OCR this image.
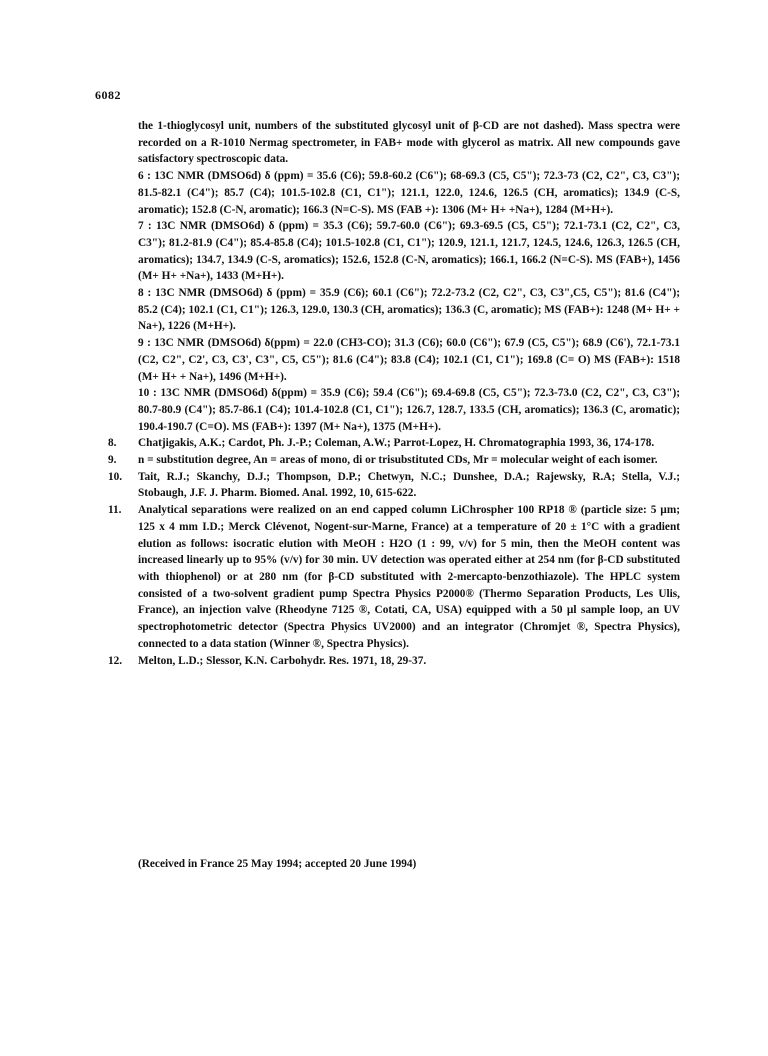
6082

the 1-thioglycosyl unit, numbers of the substituted glycosyl unit of β-CD are not dashed). Mass spectra were recorded on a R-1010 Nermag spectrometer, in FAB+ mode with glycerol as matrix. All new compounds gave satisfactory spectroscopic data.

6 : 13C NMR (DMSO6d) δ (ppm) = 35.6 (C6); 59.8-60.2 (C6"); 68-69.3 (C5, C5"); 72.3-73 (C2, C2", C3, C3"); 81.5-82.1 (C4"); 85.7 (C4); 101.5-102.8 (C1, C1"); 121.1, 122.0, 124.6, 126.5 (CH, aromatics); 134.9 (C-S, aromatic); 152.8 (C-N, aromatic); 166.3 (N=C-S). MS (FAB +): 1306 (M+ H+ +Na+), 1284 (M+H+).

7 : 13C NMR (DMSO6d) δ (ppm) = 35.3 (C6); 59.7-60.0 (C6"); 69.3-69.5 (C5, C5"); 72.1-73.1 (C2, C2", C3, C3"); 81.2-81.9 (C4"); 85.4-85.8 (C4); 101.5-102.8 (C1, C1"); 120.9, 121.1, 121.7, 124.5, 124.6, 126.3, 126.5 (CH, aromatics); 134.7, 134.9 (C-S, aromatics); 152.6, 152.8 (C-N, aromatics); 166.1, 166.2 (N=C-S). MS (FAB+), 1456 (M+ H+ +Na+), 1433 (M+H+).

8 : 13C NMR (DMSO6d) δ (ppm) = 35.9 (C6); 60.1 (C6"); 72.2-73.2 (C2, C2", C3, C3",C5, C5"); 81.6 (C4"); 85.2 (C4); 102.1 (C1, C1"); 126.3, 129.0, 130.3 (CH, aromatics); 136.3 (C, aromatic); MS (FAB+): 1248 (M+ H+ + Na+), 1226 (M+H+).

9 : 13C NMR (DMSO6d) δ(ppm) = 22.0 (CH3-CO); 31.3 (C6); 60.0 (C6"); 67.9 (C5, C5"); 68.9 (C6'), 72.1-73.1 (C2, C2", C2', C3, C3', C3", C5, C5"); 81.6 (C4"); 83.8 (C4); 102.1 (C1, C1"); 169.8 (C= O) MS (FAB+): 1518 (M+ H+ + Na+), 1496 (M+H+).

10 : 13C NMR (DMSO6d) δ(ppm) = 35.9 (C6); 59.4 (C6"); 69.4-69.8 (C5, C5"); 72.3-73.0 (C2, C2", C3, C3"); 80.7-80.9 (C4"); 85.7-86.1 (C4); 101.4-102.8 (C1, C1"); 126.7, 128.7, 133.5 (CH, aromatics); 136.3 (C, aromatic); 190.4-190.7 (C=O). MS (FAB+): 1397 (M+ Na+), 1375 (M+H+).

8. Chatjigakis, A.K.; Cardot, Ph. J.-P.; Coleman, A.W.; Parrot-Lopez, H. Chromatographia 1993, 36, 174-178.
9. n = substitution degree, An = areas of mono, di or trisubstituted CDs, Mr = molecular weight of each isomer.
10. Tait, R.J.; Skanchy, D.J.; Thompson, D.P.; Chetwyn, N.C.; Dunshee, D.A.; Rajewsky, R.A; Stella, V.J.; Stobaugh, J.F. J. Pharm. Biomed. Anal. 1992, 10, 615-622.
11. Analytical separations were realized on an end capped column LiChrospher 100 RP18 ® (particle size: 5 µm; 125 x 4 mm I.D.; Merck Clévenot, Nogent-sur-Marne, France) at a temperature of 20 ± 1°C with a gradient elution as follows: isocratic elution with MeOH : H2O (1 : 99, v/v) for 5 min, then the MeOH content was increased linearly up to 95% (v/v) for 30 min. UV detection was operated either at 254 nm (for β-CD substituted with thiophenol) or at 280 nm (for β-CD substituted with 2-mercapto-benzothiazole). The HPLC system consisted of a two-solvent gradient pump Spectra Physics P2000® (Thermo Separation Products, Les Ulis, France), an injection valve (Rheodyne 7125 ®, Cotati, CA, USA) equipped with a 50 µl sample loop, an UV spectrophotometric detector (Spectra Physics UV2000) and an integrator (Chromjet ®, Spectra Physics), connected to a data station (Winner ®, Spectra Physics).
12. Melton, L.D.; Slessor, K.N. Carbohydr. Res. 1971, 18, 29-37.
(Received in France 25 May 1994; accepted 20 June 1994)
